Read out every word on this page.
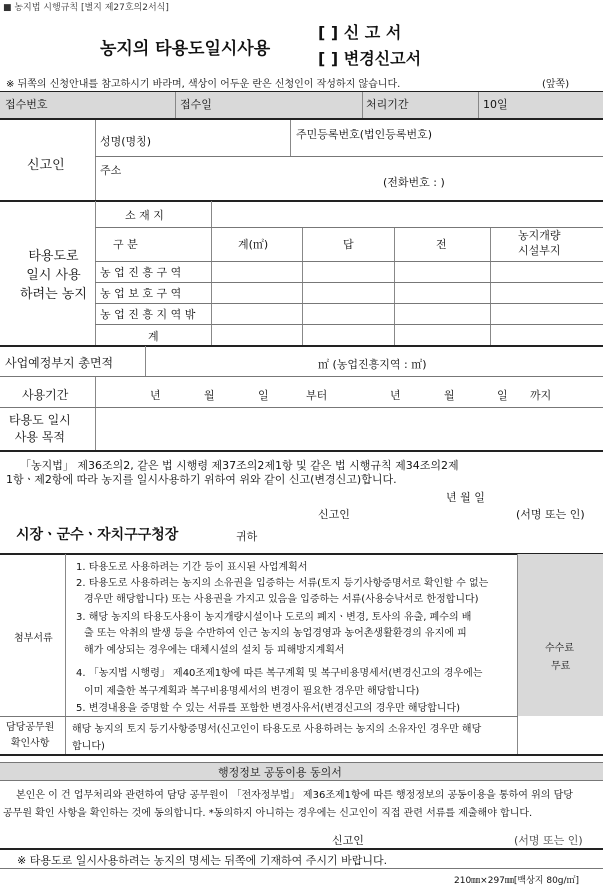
■ 농지법 시행규칙 [별지 제27호의2서식]
농지의 타용도일시사용
[ ] 신 고 서
[ ] 변경신고서
※ 뒤쪽의 신청안내를 참고하시기 바라며, 색상이 어두운 란은 신청인이 작성하지 않습니다.	(앞쪽)
접수번호	접수일	처리기간	10일
신고인
성명(명칭)
주민등록번호(법인등록번호)
주소
(전화번호 : )
타용도로
일시 사용
하려는 농지
소 재 지
구 분	계(㎡)	답	전
농지개량
시설부지
농 업 진 흥 구 역
농 업 보 호 구 역
농 업 진 흥 지 역 밖
계
사업예정부지 총면적	㎡ (농업진흥지역 : ㎡)
사용기간	년	월	일	부터	년	월	일 까지
타용도 일시
사용 목적
「농지법」 제36조의2, 같은 법 시행령 제37조의2제1항 및 같은 법 시행규칙 제34조의2제
1항ㆍ제2항에 따라 농지를 일시사용하기 위하여 위와 같이 신고(변경신고)합니다.
년 월 일
신고인	(서명 또는 인)
시장ㆍ군수ㆍ자치구구청장	귀하
첨부서류
수수료
무료
1. 타용도로 사용하려는 기간 등이 표시된 사업계획서
2. 타용도로 사용하려는 농지의 소유권을 입증하는 서류(토지 등기사항증명서로 확인할 수 없는
경우만 해당합니다) 또는 사용권을 가지고 있음을 입증하는 서류(사용승낙서로 한정합니다)
3. 해당 농지의 타용도사용이 농지개량시설이나 도로의 폐지ㆍ변경, 토사의 유출, 폐수의 배
출 또는 악취의 발생 등을 수반하여 인근 농지의 농업경영과 농어촌생활환경의 유지에 피
해가 예상되는 경우에는 대체시설의 설치 등 피해방지계획서
4. 「농지법 시행령」 제40조제1항에 따른 복구계획 및 복구비용명세서(변경신고의 경우에는
이미 제출한 복구계획과 복구비용명세서의 변경이 필요한 경우만 해당합니다)
5. 변경내용을 증명할 수 있는 서류를 포함한 변경사유서(변경신고의 경우만 해당합니다)
담당공무원
확인사항
해당 농지의 토지 등기사항증명서(신고인이 타용도로 사용하려는 농지의 소유자인 경우만 해당
합니다)
행정정보 공동이용 동의서
본인은 이 건 업무처리와 관련하여 담당 공무원이 「전자정부법」 제36조제1항에 따른 행정정보의 공동이용을 통하여 위의 담당
공무원 확인 사항을 확인하는 것에 동의합니다. *동의하지 아니하는 경우에는 신고인이 직접 관련 서류를 제출해야 합니다.
신고인	(서명 또는 인)
※ 타용도로 일시사용하려는 농지의 명세는 뒤쪽에 기재하여 주시기 바랍니다.
210㎜×297㎜[백상지 80g/㎡]
